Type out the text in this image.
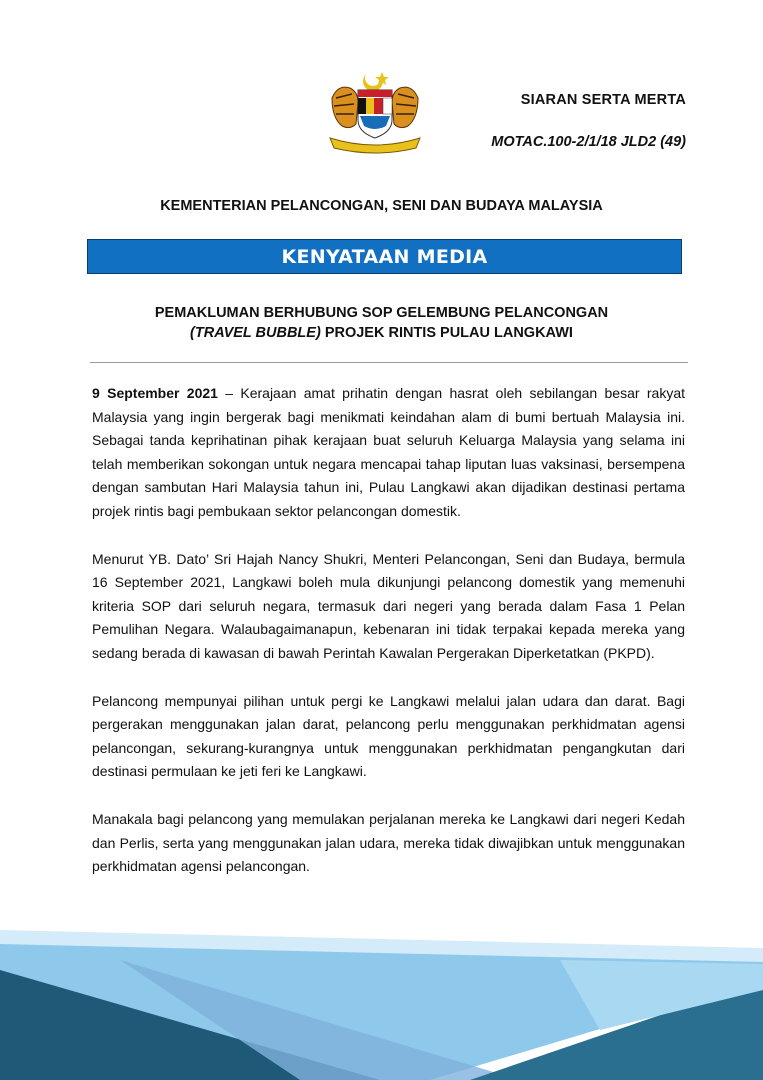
SIARAN SERTA MERTA
MOTAC.100-2/1/18 JLD2 (49)
KEMENTERIAN PELANCONGAN, SENI DAN BUDAYA MALAYSIA
KENYATAAN MEDIA
PEMAKLUMAN BERHUBUNG SOP GELEMBUNG PELANCONGAN
(TRAVEL BUBBLE) PROJEK RINTIS PULAU LANGKAWI

9 September 2021 – Kerajaan amat prihatin dengan hasrat oleh sebilangan besar rakyat Malaysia yang ingin bergerak bagi menikmati keindahan alam di bumi bertuah Malaysia ini. Sebagai tanda keprihatinan pihak kerajaan buat seluruh Keluarga Malaysia yang selama ini telah memberikan sokongan untuk negara mencapai tahap liputan luas vaksinasi, bersempena dengan sambutan Hari Malaysia tahun ini, Pulau Langkawi akan dijadikan destinasi pertama projek rintis bagi pembukaan sektor pelancongan domestik.

Menurut YB. Dato’ Sri Hajah Nancy Shukri, Menteri Pelancongan, Seni dan Budaya, bermula 16 September 2021, Langkawi boleh mula dikunjungi pelancong domestik yang memenuhi kriteria SOP dari seluruh negara, termasuk dari negeri yang berada dalam Fasa 1 Pelan Pemulihan Negara. Walaubagaimanapun, kebenaran ini tidak terpakai kepada mereka yang sedang berada di kawasan di bawah Perintah Kawalan Pergerakan Diperketatkan (PKPD).

Pelancong mempunyai pilihan untuk pergi ke Langkawi melalui jalan udara dan darat. Bagi pergerakan menggunakan jalan darat, pelancong perlu menggunakan perkhidmatan agensi pelancongan, sekurang-kurangnya untuk menggunakan perkhidmatan pengangkutan dari destinasi permulaan ke jeti feri ke Langkawi.

Manakala bagi pelancong yang memulakan perjalanan mereka ke Langkawi dari negeri Kedah dan Perlis, serta yang menggunakan jalan udara, mereka tidak diwajibkan untuk menggunakan perkhidmatan agensi pelancongan.
